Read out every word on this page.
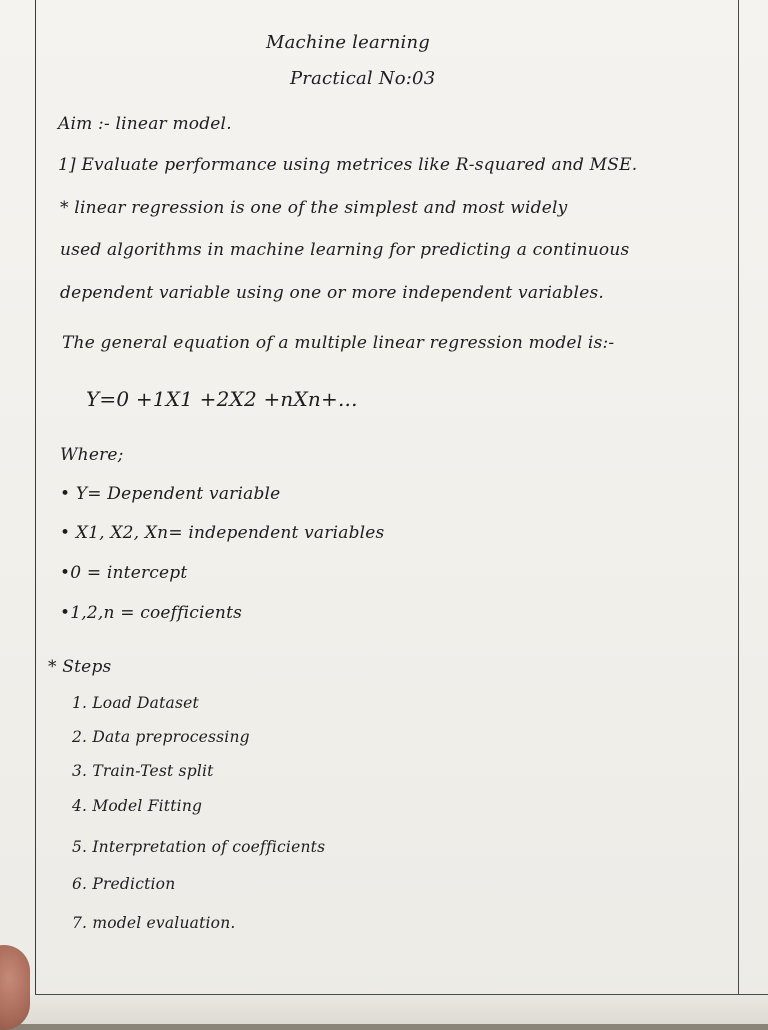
Machine learning
Practical No:03
Aim :- linear model.
1] Evaluate performance using metrices like R-squared and MSE.
* linear regression is one of the simplest and most widely
used algorithms in machine learning for predicting a continuous
dependent variable using one or more independent variables.
The general equation of a multiple linear regression model is:-
Y=0 +1X1 +2X2 +nXn+...
Where;
• Y= Dependent variable
• X1, X2, Xn= independent variables
•0 = intercept
•1,2,n = coefficients
* Steps
1. Load Dataset
2. Data preprocessing
3. Train-Test split
4. Model Fitting
5. Interpretation of coefficients
6. Prediction
7. model evaluation.
